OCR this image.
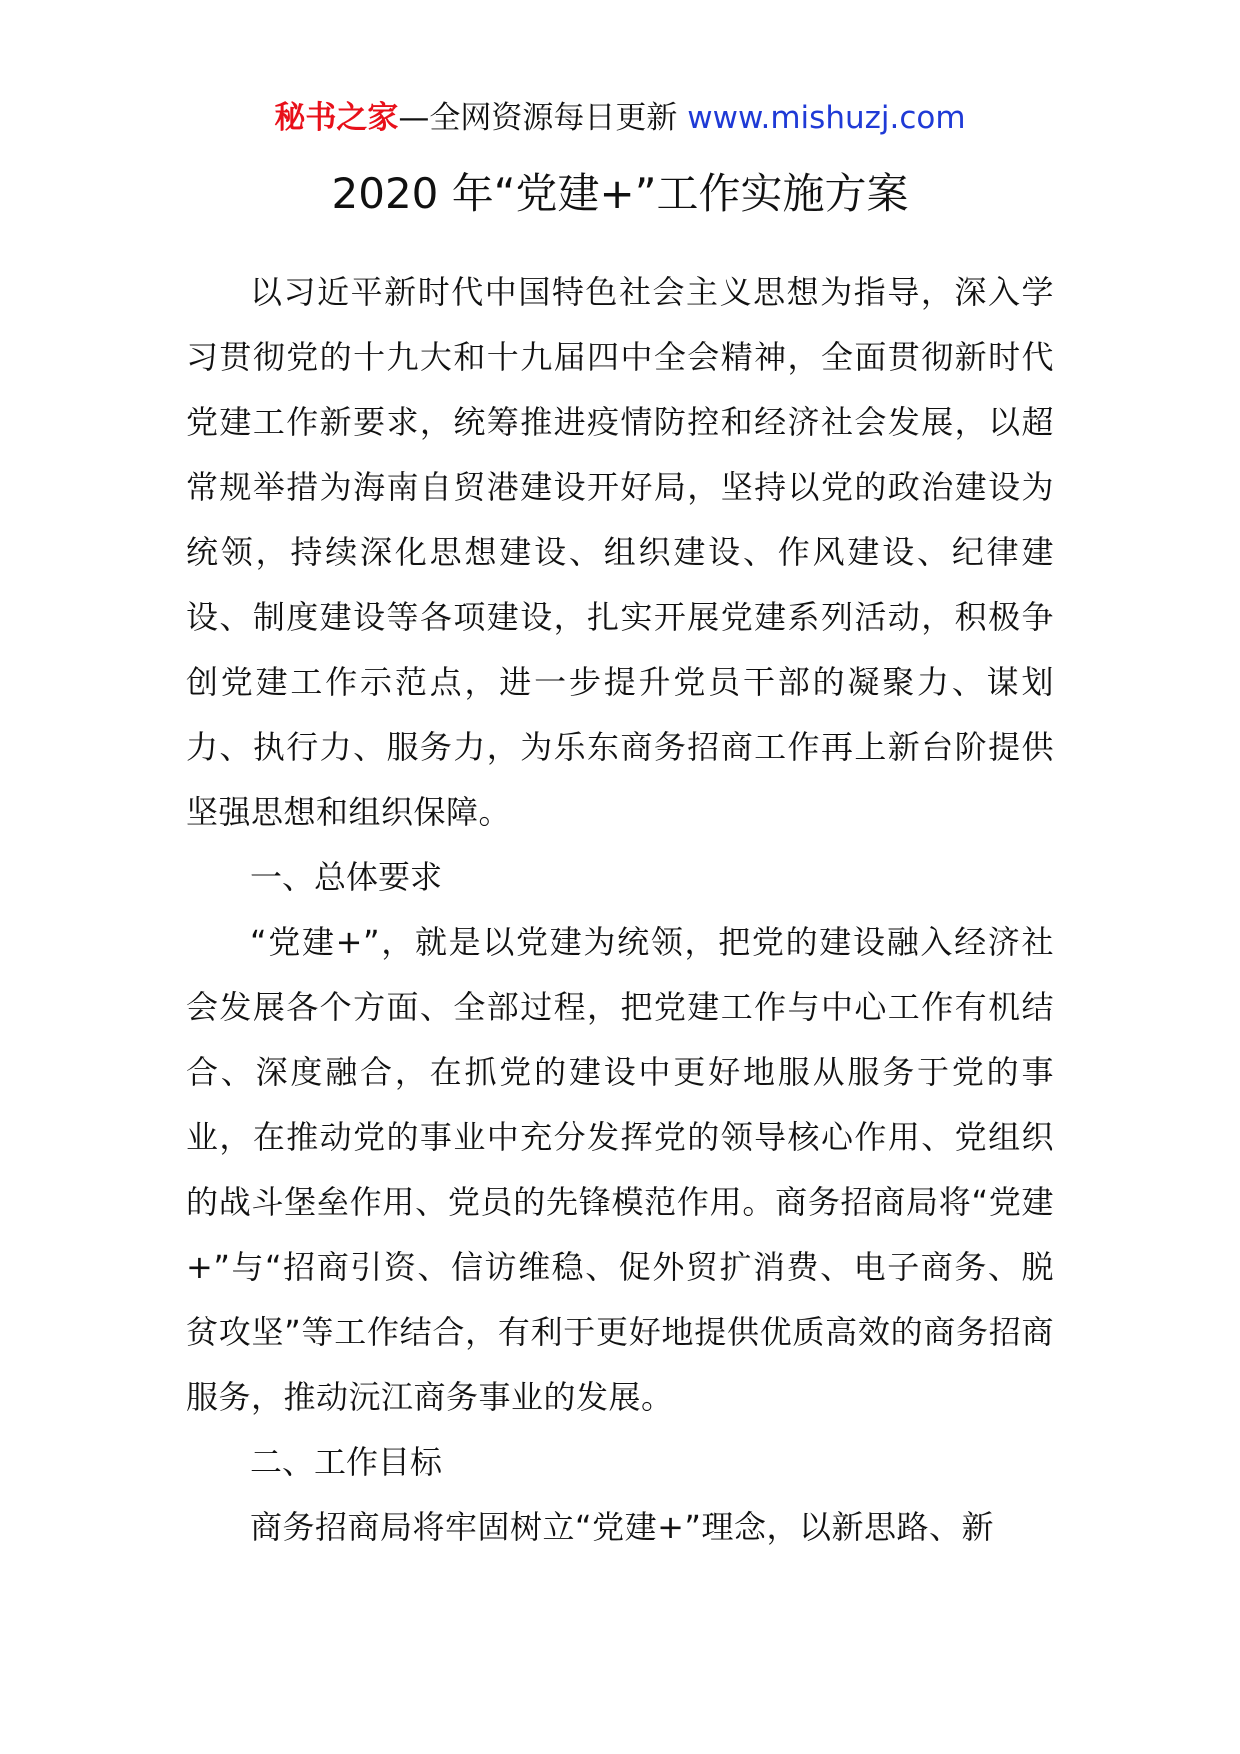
秘书之家—全网资源每日更新 www.mishuzj.com
2020 年“党建+”工作实施方案

以习近平新时代中国特色社会主义思想为指导，深入学习贯彻党的十九大和十九届四中全会精神，全面贯彻新时代党建工作新要求，统筹推进疫情防控和经济社会发展，以超常规举措为海南自贸港建设开好局，坚持以党的政治建设为统领，持续深化思想建设、组织建设、作风建设、纪律建设、制度建设等各项建设，扎实开展党建系列活动，积极争创党建工作示范点，进一步提升党员干部的凝聚力、谋划力、执行力、服务力，为乐东商务招商工作再上新台阶提供坚强思想和组织保障。

一、总体要求

“党建+”，就是以党建为统领，把党的建设融入经济社会发展各个方面、全部过程，把党建工作与中心工作有机结合、深度融合，在抓党的建设中更好地服从服务于党的事业，在推动党的事业中充分发挥党的领导核心作用、党组织的战斗堡垒作用、党员的先锋模范作用。商务招商局将“党建+”与“招商引资、信访维稳、促外贸扩消费、电子商务、脱贫攻坚”等工作结合，有利于更好地提供优质高效的商务招商服务，推动沅江商务事业的发展。

二、工作目标

商务招商局将牢固树立“党建+”理念，以新思路、新
